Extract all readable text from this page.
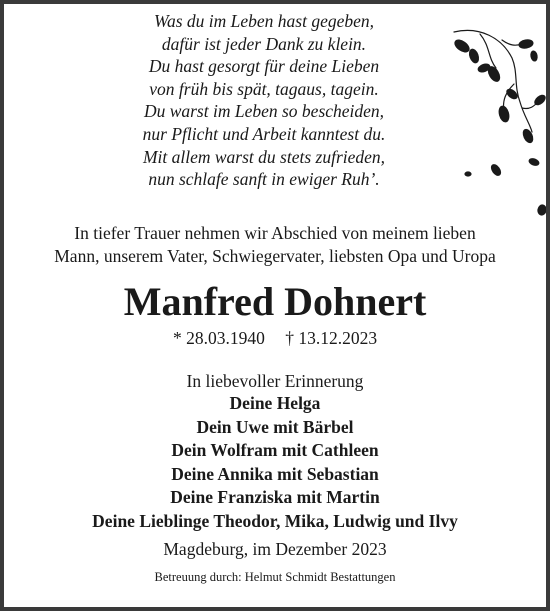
Was du im Leben hast gegeben,
dafür ist jeder Dank zu klein.
Du hast gesorgt für deine Lieben
von früh bis spät, tagaus, tagein.
Du warst im Leben so bescheiden,
nur Pflicht und Arbeit kanntest du.
Mit allem warst du stets zufrieden,
nun schlafe sanft in ewiger Ruh’.
In tiefer Trauer nehmen wir Abschied von meinem lieben
Mann, unserem Vater, Schwiegervater, liebsten Opa und Uropa
Manfred Dohnert
* 28.03.1940 † 13.12.2023
In liebevoller Erinnerung
Deine Helga
Dein Uwe mit Bärbel
Dein Wolfram mit Cathleen
Deine Annika mit Sebastian
Deine Franziska mit Martin
Deine Lieblinge Theodor, Mika, Ludwig und Ilvy
Magdeburg, im Dezember 2023
Betreuung durch: Helmut Schmidt Bestattungen
